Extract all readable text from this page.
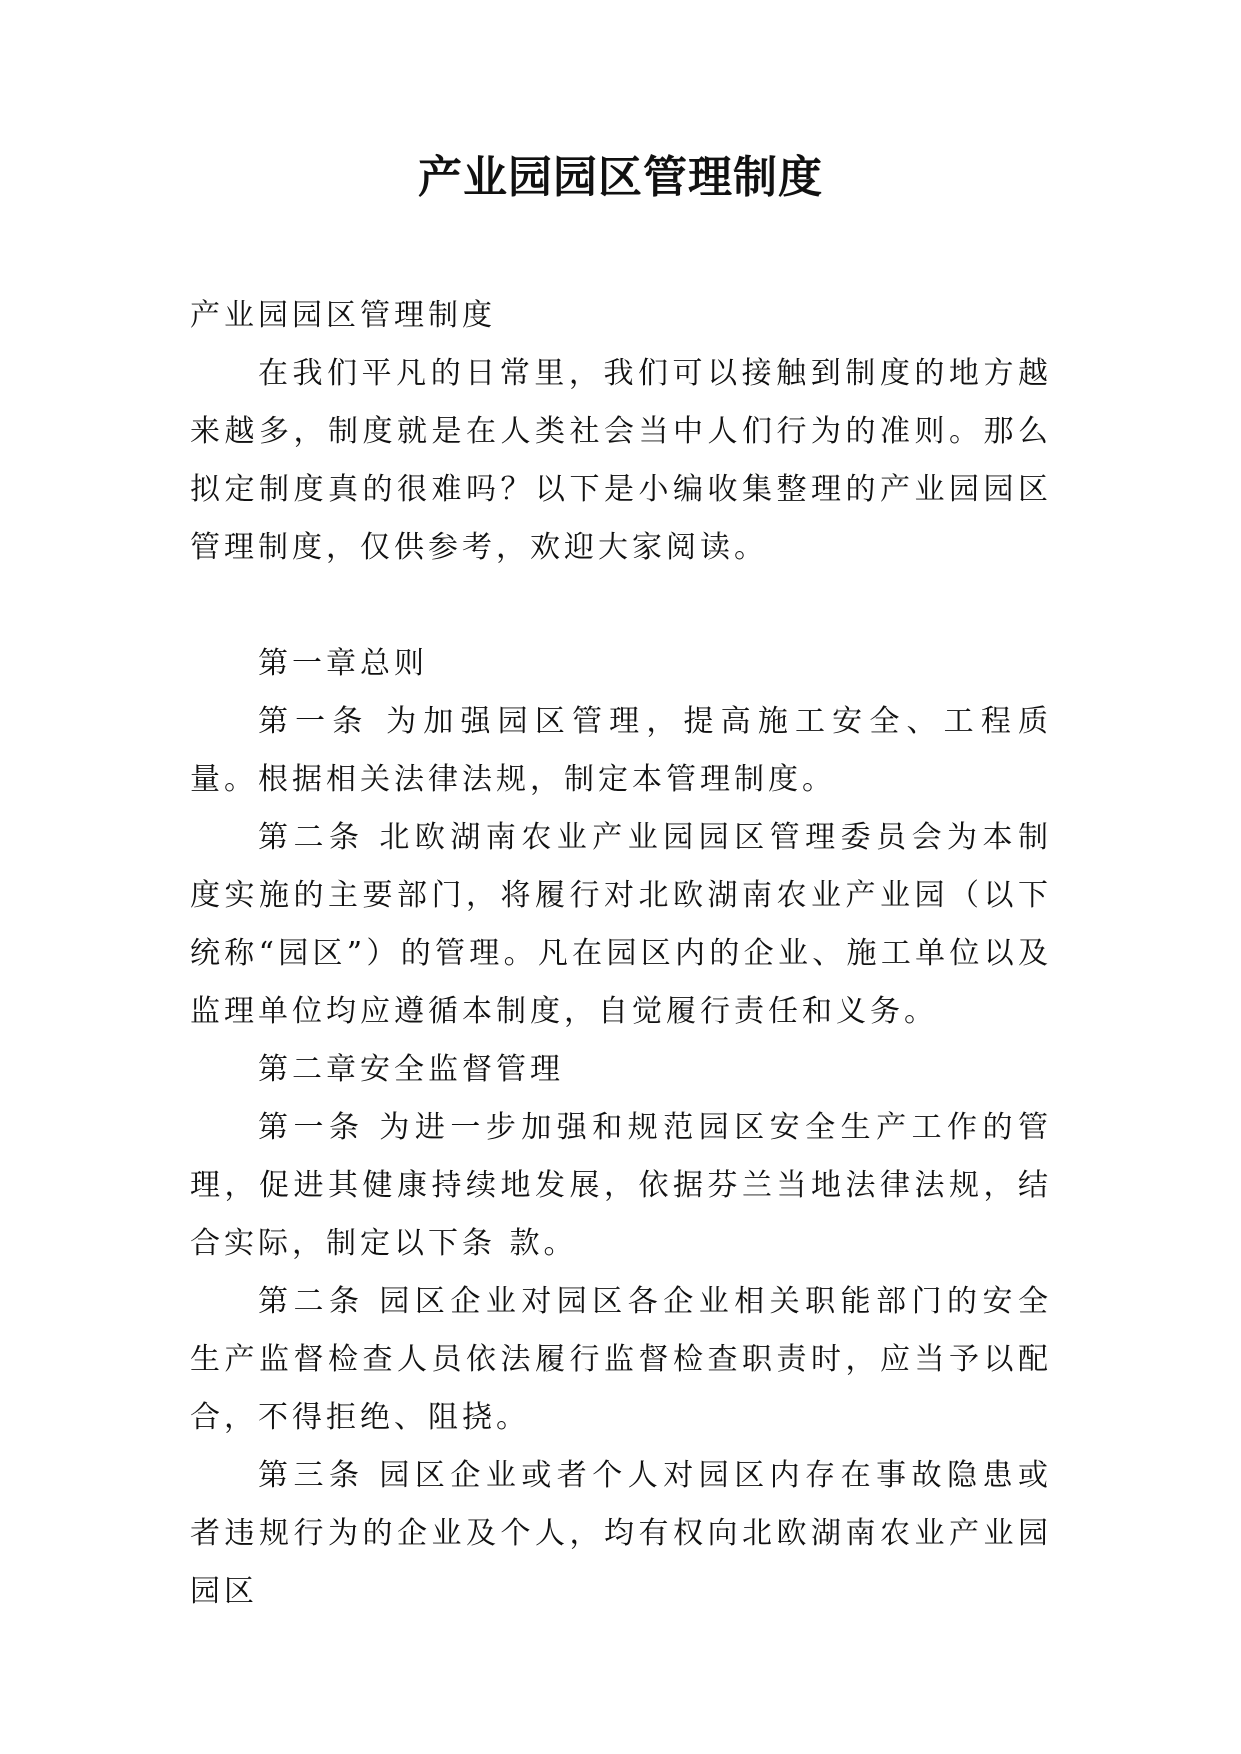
产业园园区管理制度

产业园园区管理制度

在我们平凡的日常里，我们可以接触到制度的地方越来越多，制度就是在人类社会当中人们行为的准则。那么拟定制度真的很难吗？以下是小编收集整理的产业园园区管理制度，仅供参考，欢迎大家阅读。

第一章总则

第一条 为加强园区管理，提高施工安全、工程质量。根据相关法律法规，制定本管理制度。

第二条 北欧湖南农业产业园园区管理委员会为本制度实施的主要部门，将履行对北欧湖南农业产业园（以下统称“园区”）的管理。凡在园区内的企业、施工单位以及监理单位均应遵循本制度，自觉履行责任和义务。

第二章安全监督管理

第一条 为进一步加强和规范园区安全生产工作的管理，促进其健康持续地发展，依据芬兰当地法律法规，结合实际，制定以下条 款。

第二条 园区企业对园区各企业相关职能部门的安全生产监督检查人员依法履行监督检查职责时，应当予以配合，不得拒绝、阻挠。

第三条 园区企业或者个人对园区内存在事故隐患或者违规行为的企业及个人，均有权向北欧湖南农业产业园园区
